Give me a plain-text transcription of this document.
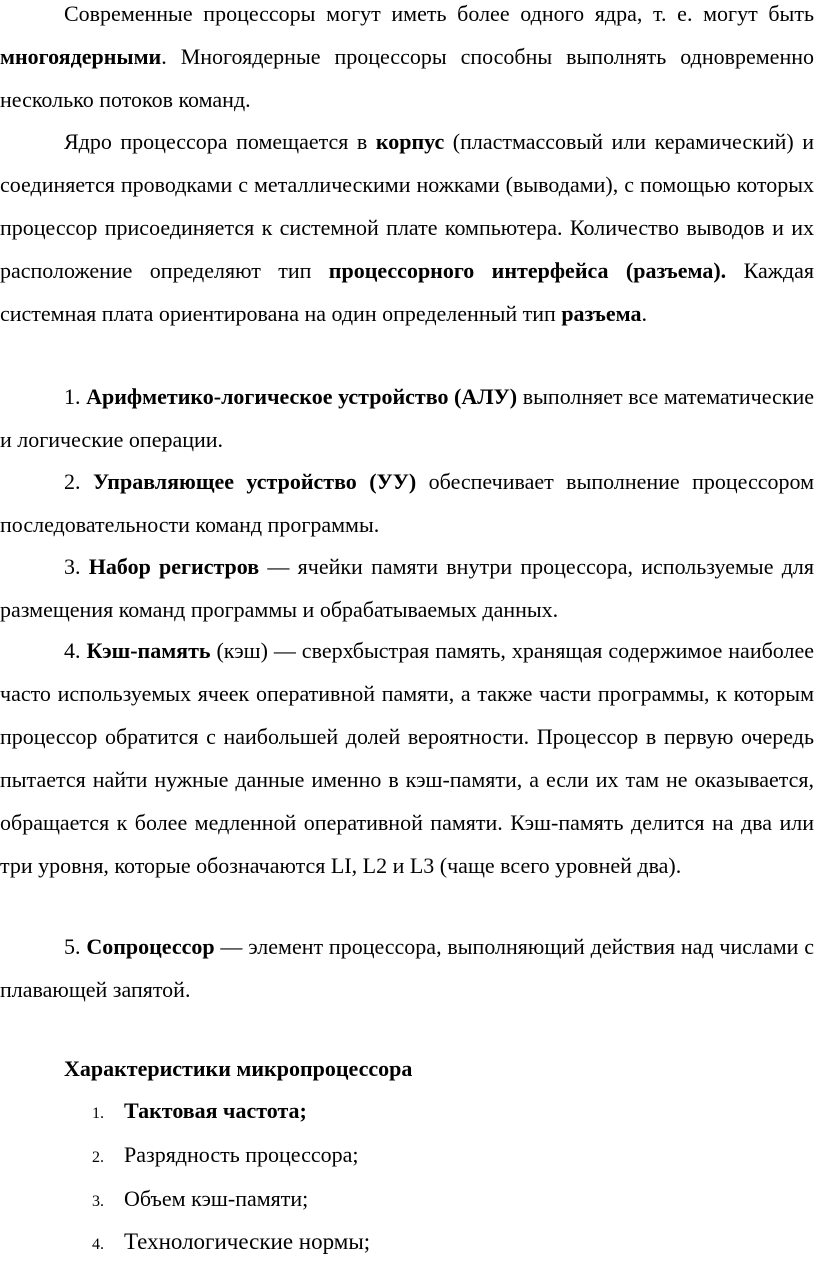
Современные процессоры могут иметь более одного ядра, т. е. могут быть многоядерными. Многоядерные процессоры способны выполнять одновременно несколько потоков команд.

Ядро процессора помещается в корпус (пластмассовый или керамический) и соединяется проводками с металлическими ножками (выводами), с помощью которых процессор присоединяется к системной плате компьютера. Количество выводов и их расположение определяют тип процессорного интерфейса (разъема). Каждая системная плата ориентирована на один определенный тип разъема.

1. Арифметико-логическое устройство (АЛУ) выполняет все математические и логические операции.

2. Управляющее устройство (УУ) обеспечивает выполнение процессором последовательности команд программы.

3. Набор регистров — ячейки памяти внутри процессора, используемые для размещения команд программы и обрабатываемых данных.

4. Кэш-память (кэш) — сверхбыстрая память, хранящая содержимое наиболее часто используемых ячеек оперативной памяти, а также части программы, к которым процессор обратится с наибольшей долей вероятности. Процессор в первую очередь пытается найти нужные данные именно в кэш-памяти, а если их там не оказывается, обращается к более медленной оперативной памяти. Кэш-память делится на два или три уровня, которые обозначаются LI, L2 и L3 (чаще всего уровней два).

5. Сопроцессор — элемент процессора, выполняющий действия над числами с плавающей запятой.

Характеристики микропроцессора

1. Тактовая частота;

2. Разрядность процессора;

3. Объем кэш-памяти;

4. Технологические нормы;
